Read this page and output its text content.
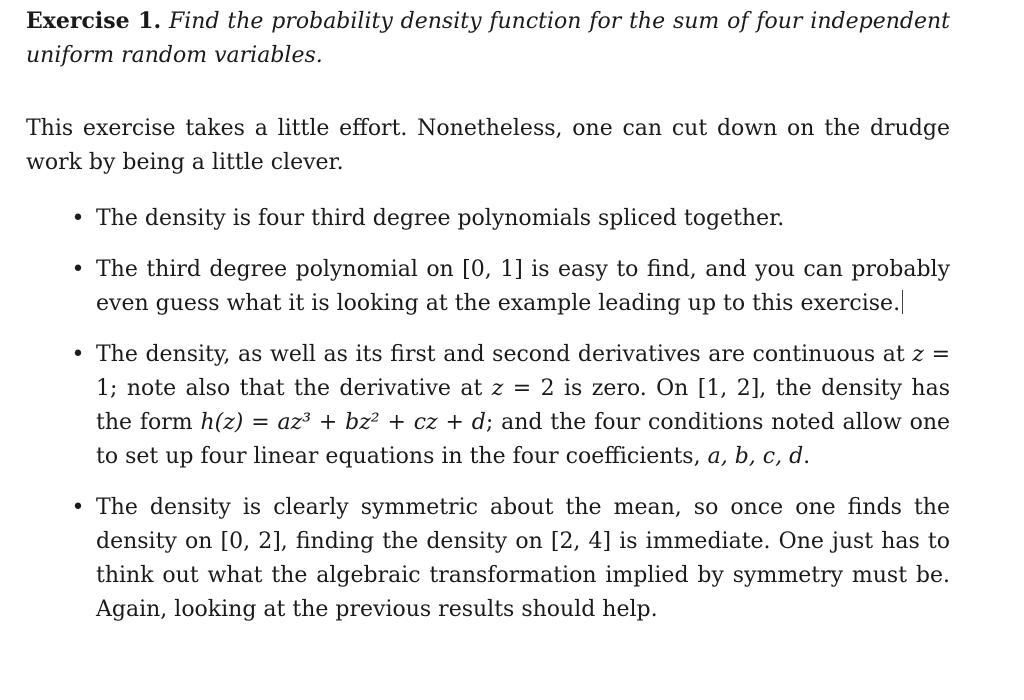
Exercise 1. Find the probability density function for the sum of four independent uniform random variables.

This exercise takes a little effort. Nonetheless, one can cut down on the drudge work by being a little clever.

• The density is four third degree polynomials spliced together.
• The third degree polynomial on [0, 1] is easy to find, and you can probably even guess what it is looking at the example leading up to this exercise.
• The density, as well as its first and second derivatives are continuous at z = 1; note also that the derivative at z = 2 is zero. On [1, 2], the density has the form h(z) = az³ + bz² + cz + d; and the four conditions noted allow one to set up four linear equations in the four coefficients, a, b, c, d.
• The density is clearly symmetric about the mean, so once one finds the density on [0, 2], finding the density on [2, 4] is immediate. One just has to think out what the algebraic transformation implied by symmetry must be. Again, looking at the previous results should help.
